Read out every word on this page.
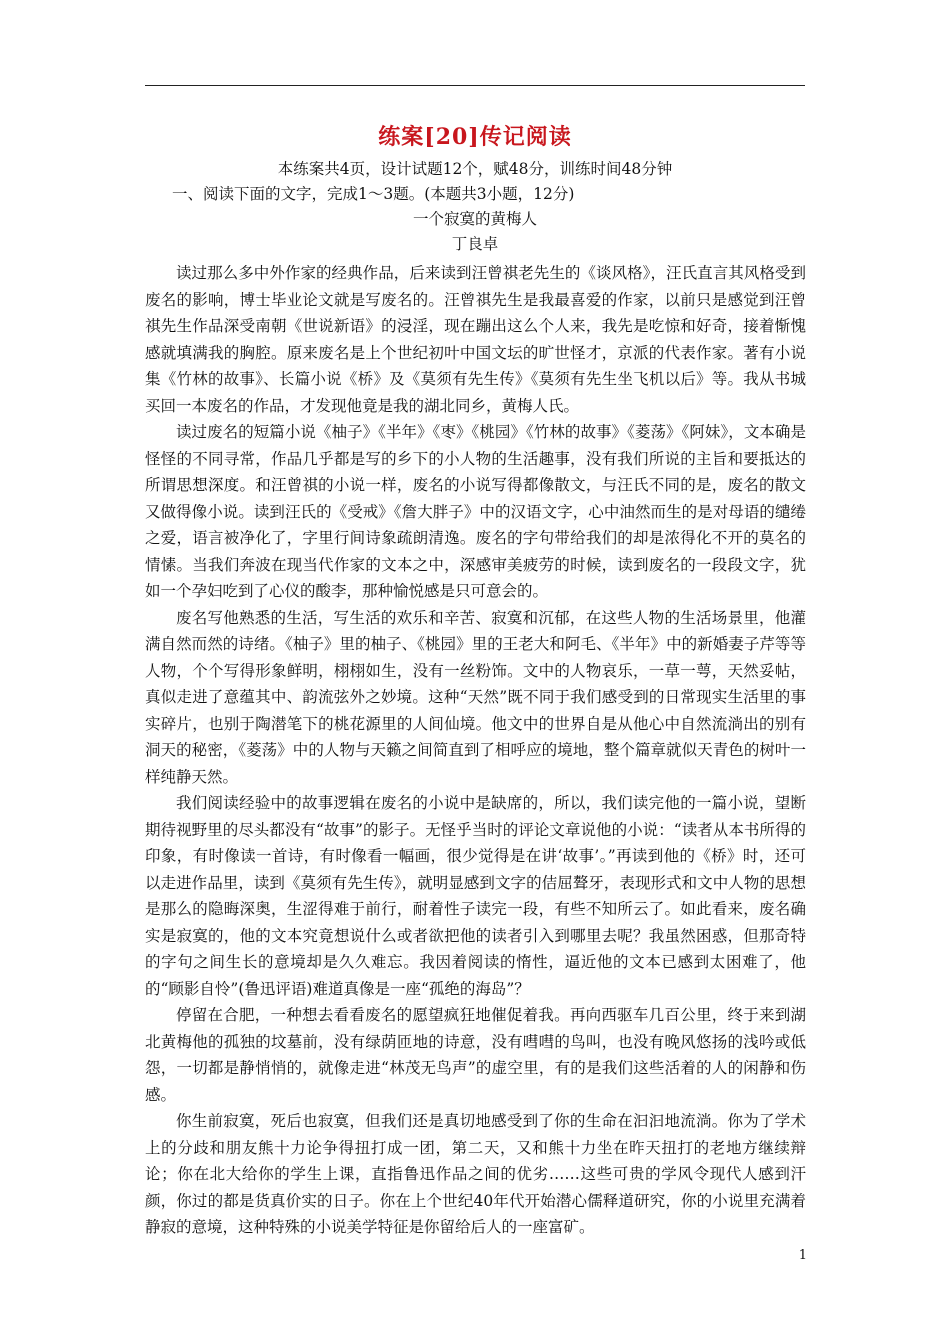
练案[20]传记阅读
本练案共4页，设计试题12个，赋48分，训练时间48分钟
一、阅读下面的文字，完成1～3题。(本题共3小题，12分)
一个寂寞的黄梅人
丁良卓

读过那么多中外作家的经典作品，后来读到汪曾祺老先生的《谈风格》，汪氏直言其风格受到废名的影响，博士毕业论文就是写废名的。汪曾祺先生是我最喜爱的作家，以前只是感觉到汪曾祺先生作品深受南朝《世说新语》的浸淫，现在蹦出这么个人来，我先是吃惊和好奇，接着惭愧感就填满我的胸腔。原来废名是上个世纪初叶中国文坛的旷世怪才，京派的代表作家。著有小说集《竹林的故事》、长篇小说《桥》及《莫须有先生传》《莫须有先生坐飞机以后》等。我从书城买回一本废名的作品，才发现他竟是我的湖北同乡，黄梅人氏。

读过废名的短篇小说《柚子》《半年》《枣》《桃园》《竹林的故事》《菱荡》《阿妹》，文本确是怪怪的不同寻常，作品几乎都是写的乡下的小人物的生活趣事，没有我们所说的主旨和要抵达的所谓思想深度。和汪曾祺的小说一样，废名的小说写得都像散文，与汪氏不同的是，废名的散文又做得像小说。读到汪氏的《受戒》《詹大胖子》中的汉语文字，心中油然而生的是对母语的缱绻之爱，语言被净化了，字里行间诗象疏朗清逸。废名的字句带给我们的却是浓得化不开的莫名的情愫。当我们奔波在现当代作家的文本之中，深感审美疲劳的时候，读到废名的一段段文字，犹如一个孕妇吃到了心仪的酸李，那种愉悦感是只可意会的。

废名写他熟悉的生活，写生活的欢乐和辛苦、寂寞和沉郁，在这些人物的生活场景里，他灌满自然而然的诗绪。《柚子》里的柚子、《桃园》里的王老大和阿毛、《半年》中的新婚妻子芹等等人物，个个写得形象鲜明，栩栩如生，没有一丝粉饰。文中的人物哀乐，一草一萼，天然妥帖，真似走进了意蕴其中、韵流弦外之妙境。这种“天然”既不同于我们感受到的日常现实生活里的事实碎片，也别于陶潜笔下的桃花源里的人间仙境。他文中的世界自是从他心中自然流淌出的别有洞天的秘密，《菱荡》中的人物与天籁之间简直到了相呼应的境地，整个篇章就似天青色的树叶一样纯静天然。

我们阅读经验中的故事逻辑在废名的小说中是缺席的，所以，我们读完他的一篇小说，望断期待视野里的尽头都没有“故事”的影子。无怪乎当时的评论文章说他的小说：“读者从本书所得的印象，有时像读一首诗，有时像看一幅画，很少觉得是在讲‘故事’。”再读到他的《桥》时，还可以走进作品里，读到《莫须有先生传》，就明显感到文字的佶屈聱牙，表现形式和文中人物的思想是那么的隐晦深奥，生涩得难于前行，耐着性子读完一段，有些不知所云了。如此看来，废名确实是寂寞的，他的文本究竟想说什么或者欲把他的读者引入到哪里去呢？我虽然困惑，但那奇特的字句之间生长的意境却是久久难忘。我因着阅读的惰性，逼近他的文本已感到太困难了，他的“顾影自怜”(鲁迅评语)难道真像是一座“孤绝的海岛”？

停留在合肥，一种想去看看废名的愿望疯狂地催促着我。再向西驱车几百公里，终于来到湖北黄梅他的孤独的坟墓前，没有绿荫匝地的诗意，没有嘒嘒的鸟叫，也没有晚风悠扬的浅吟或低怨，一切都是静悄悄的，就像走进“林茂无鸟声”的虚空里，有的是我们这些活着的人的闲静和伤感。

你生前寂寞，死后也寂寞，但我们还是真切地感受到了你的生命在汩汩地流淌。你为了学术上的分歧和朋友熊十力论争得扭打成一团，第二天，又和熊十力坐在昨天扭打的老地方继续辩论；你在北大给你的学生上课，直指鲁迅作品之间的优劣……这些可贵的学风令现代人感到汗颜，你过的都是货真价实的日子。你在上个世纪40年代开始潜心儒释道研究，你的小说里充满着静寂的意境，这种特殊的小说美学特征是你留给后人的一座富矿。

1
